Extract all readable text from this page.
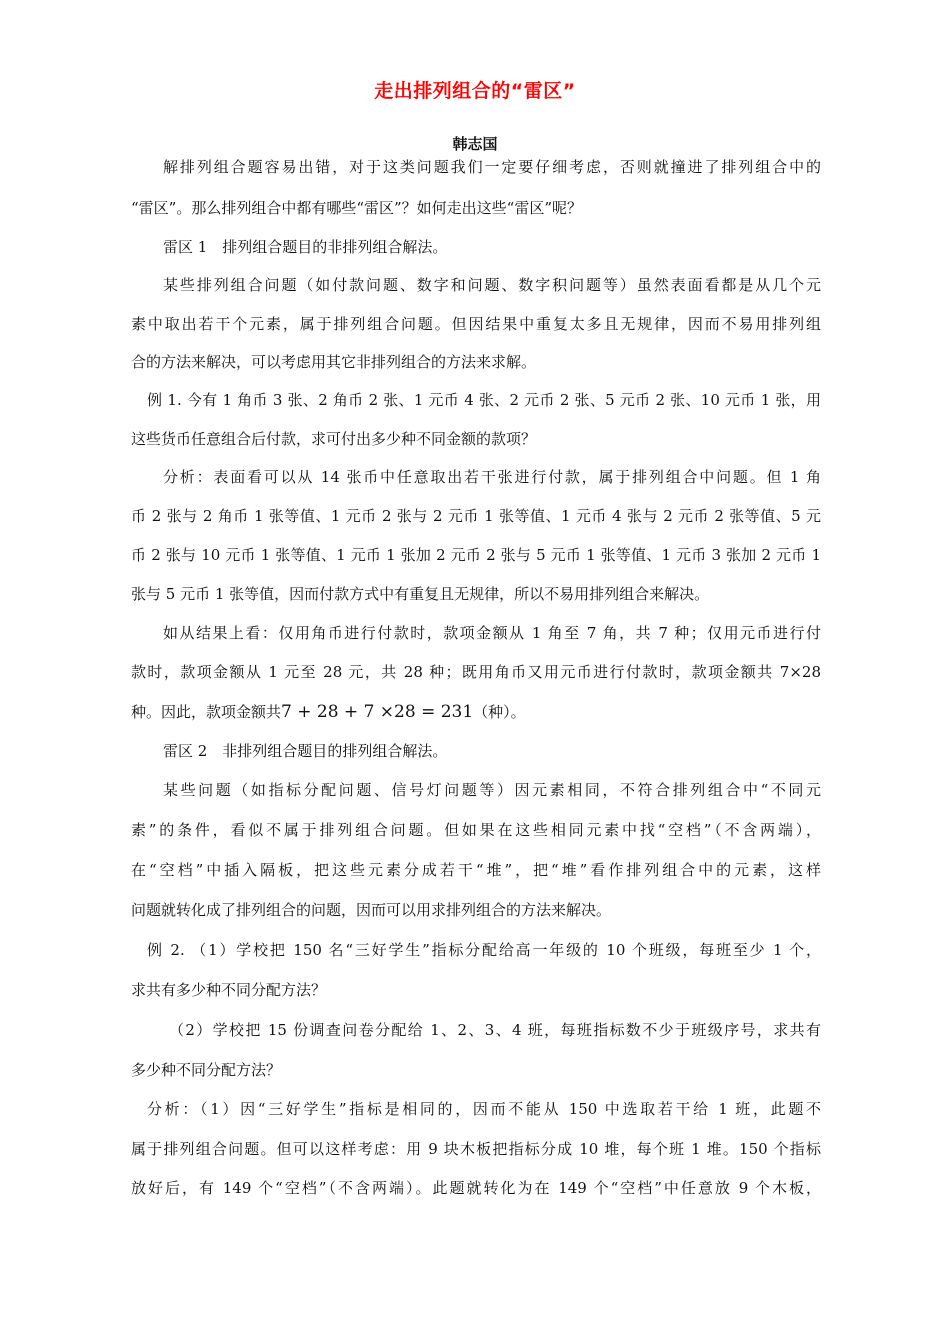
走出排列组合的“雷区”
韩志国
解排列组合题容易出错，对于这类问题我们一定要仔细考虑，否则就撞进了排列组合中的
“雷区”。那么排列组合中都有哪些“雷区”？如何走出这些“雷区”呢？
雷区 1　排列组合题目的非排列组合解法。
某些排列组合问题（如付款问题、数字和问题、数字积问题等）虽然表面看都是从几个元
素中取出若干个元素，属于排列组合问题。但因结果中重复太多且无规律，因而不易用排列组
合的方法来解决，可以考虑用其它非排列组合的方法来求解。
例 1. 今有 1 角币 3 张、2 角币 2 张、1 元币 4 张、2 元币 2 张、5 元币 2 张、10 元币 1 张，用
这些货币任意组合后付款，求可付出多少种不同金额的款项？
分析：表面看可以从 14 张币中任意取出若干张进行付款，属于排列组合中问题。但 1 角
币 2 张与 2 角币 1 张等值、1 元币 2 张与 2 元币 1 张等值、1 元币 4 张与 2 元币 2 张等值、5 元
币 2 张与 10 元币 1 张等值、1 元币 1 张加 2 元币 2 张与 5 元币 1 张等值、1 元币 3 张加 2 元币 1
张与 5 元币 1 张等值，因而付款方式中有重复且无规律，所以不易用排列组合来解决。
如从结果上看：仅用角币进行付款时，款项金额从 1 角至 7 角，共 7 种；仅用元币进行付
款时，款项金额从 1 元至 28 元，共 28 种；既用角币又用元币进行付款时，款项金额共 7×28
种。因此，款项金额共7 + 28 + 7 ×28 = 231（种）。
雷区 2　非排列组合题目的排列组合解法。
某些问题（如指标分配问题、信号灯问题等）因元素相同，不符合排列组合中“不同元
素”的条件，看似不属于排列组合问题。但如果在这些相同元素中找“空档”（不含两端），
在“空档”中插入隔板，把这些元素分成若干“堆”，把“堆”看作排列组合中的元素，这样
问题就转化成了排列组合的问题，因而可以用求排列组合的方法来解决。
例 2. （1）学校把 150 名“三好学生”指标分配给高一年级的 10 个班级，每班至少 1 个，
求共有多少种不同分配方法？
（2）学校把 15 份调查问卷分配给 1、2、3、4 班，每班指标数不少于班级序号，求共有
多少种不同分配方法？
分析：（1）因“三好学生”指标是相同的，因而不能从 150 中选取若干给 1 班，此题不
属于排列组合问题。但可以这样考虑：用 9 块木板把指标分成 10 堆，每个班 1 堆。150 个指标
放好后，有 149 个“空档”（不含两端）。此题就转化为在 149 个“空档”中任意放 9 个木板，
